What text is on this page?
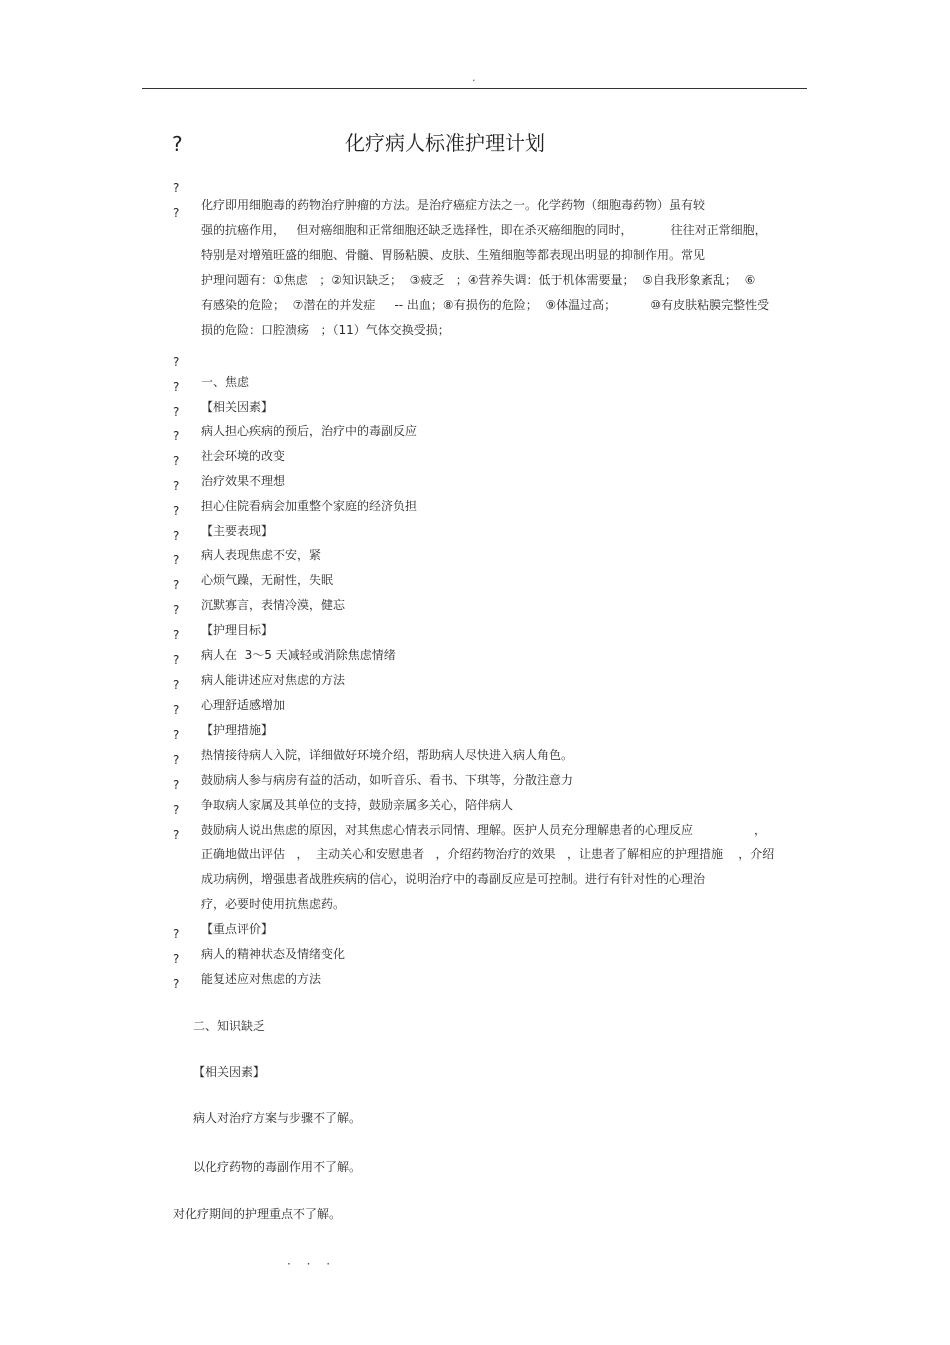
·
?	化疗病人标准护理计划
?
?
?
?
?
?
?
?
?
?
?
?
?
?
?
?
?
?
?
?
?
?
?
?
?
化疗即用细胞毒的药物治疗肿瘤的方法。是治疗癌症方法之一。化学药物（细胞毒药物）虽有较
强的抗癌作用，   但对癌细胞和正常细胞还缺乏选择性，即在杀灭癌细胞的同时，          往往对正常细胞，
特别是对增殖旺盛的细胞、骨髓、胃肠粘膜、皮肤、生殖细胞等都表现出明显的抑制作用。常见
护理问题有：①焦虑   ；②知识缺乏；  ③疲乏   ；④营养失调：低于机体需要量；  ⑤自我形象紊乱；  ⑥
有感染的危险；  ⑦潜在的并发症     -- 出血；⑧有损伤的危险；  ⑨体温过高；         ⑩有皮肤粘膜完整性受
损的危险：口腔溃疡   ；（11）气体交换受损；
一、焦虑
【相关因素】
病人担心疾病的预后，治疗中的毒副反应
社会环境的改变
治疗效果不理想
担心住院看病会加重整个家庭的经济负担
【主要表现】
病人表现焦虑不安，紧
心烦气躁，无耐性，失眠
沉默寡言，表情冷漠，健忘
【护理目标】
病人在  3～5 天减轻或消除焦虑情绪
病人能讲述应对焦虑的方法
心理舒适感增加
【护理措施】
热情接待病人入院，详细做好环境介绍，帮助病人尽快进入病人角色。
鼓励病人参与病房有益的活动，如听音乐、看书、下琪等，分散注意力
争取病人家属及其单位的支持，鼓励亲属多关心，陪伴病人
鼓励病人说出焦虑的原因，对其焦虑心情表示同情、理解。医护人员充分理解患者的心理反应                ，
正确地做出评估   ，  主动关心和安慰患者   ，介绍药物治疗的效果   ，让患者了解相应的护理措施    ，介绍
成功病例，增强患者战胜疾病的信心，说明治疗中的毒副反应是可控制。进行有针对性的心理治
疗，必要时使用抗焦虑药。
【重点评价】
病人的精神状态及情绪变化
能复述应对焦虑的方法
二、知识缺乏
【相关因素】
病人对治疗方案与步骤不了解。
以化疗药物的毒副作用不了解。
对化疗期间的护理重点不了解。
· · ·
